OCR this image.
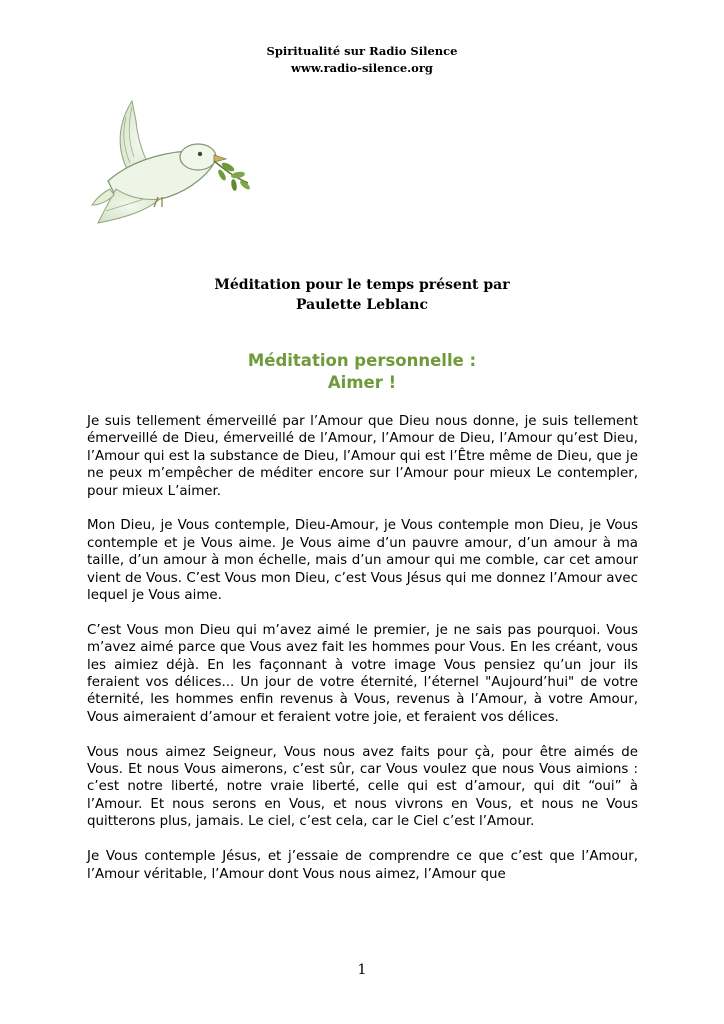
Spiritualité sur Radio Silence
www.radio-silence.org
Méditation pour le temps présent par
Paulette Leblanc
Méditation personnelle :
Aimer !

Je suis tellement émerveillé par l’Amour que Dieu nous donne, je suis tellement émerveillé de Dieu, émerveillé de l’Amour, l’Amour de Dieu, l’Amour qu’est Dieu, l’Amour qui est la substance de Dieu, l’Amour qui est l’Être même de Dieu, que je ne peux m’empêcher de méditer encore sur l’Amour pour mieux Le contempler, pour mieux L’aimer.

Mon Dieu, je Vous contemple, Dieu-Amour, je Vous contemple mon Dieu, je Vous contemple et je Vous aime. Je Vous aime d’un pauvre amour, d’un amour à ma taille, d’un amour à mon échelle, mais d’un amour qui me comble, car cet amour vient de Vous. C’est Vous mon Dieu, c’est Vous Jésus qui me donnez l’Amour avec lequel je Vous aime.

C’est Vous mon Dieu qui m’avez aimé le premier, je ne sais pas pourquoi. Vous m’avez aimé parce que Vous avez fait les hommes pour Vous. En les créant, vous les aimiez déjà. En les façonnant à votre image Vous pensiez qu’un jour ils feraient vos délices... Un jour de votre éternité, l’éternel "Aujourd’hui" de votre éternité, les hommes enfin revenus à Vous, revenus à l’Amour, à votre Amour, Vous aimeraient d’amour et feraient votre joie, et feraient vos délices.

Vous nous aimez Seigneur, Vous nous avez faits pour çà, pour être aimés de Vous. Et nous Vous aimerons, c’est sûr, car Vous voulez que nous Vous aimions : c’est notre liberté, notre vraie liberté, celle qui est d’amour, qui dit “oui” à l’Amour. Et nous serons en Vous, et nous vivrons en Vous, et nous ne Vous quitterons plus, jamais. Le ciel, c’est cela, car le Ciel c’est l’Amour.

Je Vous contemple Jésus, et j’essaie de comprendre ce que c’est que l’Amour, l’Amour véritable, l’Amour dont Vous nous aimez, l’Amour que

1
